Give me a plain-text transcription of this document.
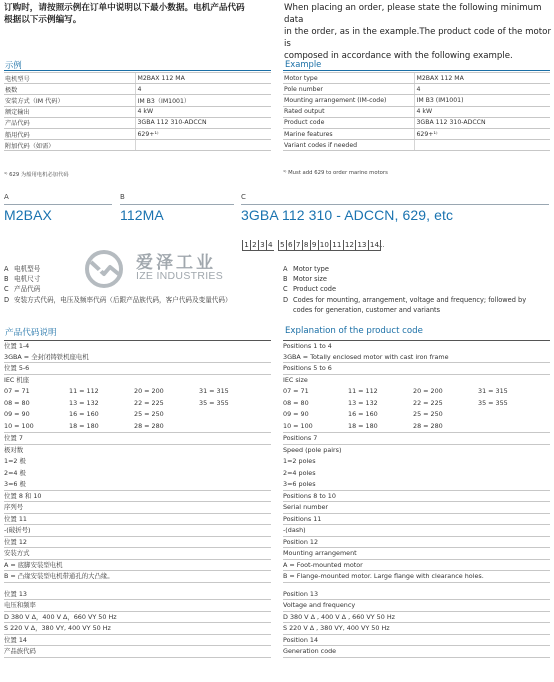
订购时，请按照示例在订单中说明以下最小数据。电机产品代码
根据以下示例编写。
When placing an order, please state the following minimum data
in the order, as in the example.The product code of the motor is
composed in accordance with the following example.
示例
电机型号	M2BAX 112 MA
极数	4
安装方式（IM 代码）	IM B3（IM1001）
额定输出	4 kW
产品代码	3GBA 112 310-ADCCN
船用代码	629+¹⁾
附加代码（如需）	
¹⁾ 629 为船用电机必加代码
Example
Motor type	M2BAX 112 MA
Pole number	4
Mounting arrangement (IM-code)	IM B3 (IM1001)
Rated output	4 kW
Product code	3GBA 112 310-ADCCN
Marine features	629+¹⁾
Variant codes if needed	
¹⁾ Must add 629 to order marine motors
A	B	C
M2BAX	112MA	3GBA 112 310 - ADCCN, 629, etc
1 2 3 4	5 6 7 8 9 10 11 12 13 14
...
爱泽工业
IZE INDUSTRIES
A 电机型号
B 电机尺寸
C 产品代码
D 安装方式代码，电压及频率代码（后跟产品族代码，客户代码及变量代码）
A Motor type
B Motor size
C Product code
D Codes for mounting, arrangement, voltage and frequency; followed by
codes for generation, customer and variants
产品代码说明
位置 1-4
3GBA = 全封闭铸铁机座电机
位置 5-6
IEC 机座
07 = 71	11 = 112	20 = 200	31 = 315
08 = 80	13 = 132	22 = 225	35 = 355
09 = 90	16 = 160	25 = 250
10 = 100	18 = 180	28 = 280
位置 7
极对数
1=2 极
2=4 极
3=6 极
位置 8 和 10
序列号
位置 11
-(破折号)
位置 12
安装方式
A = 底脚安装型电机
B = 凸缘安装型电机带通孔的大凸缘。
位置 13
电压和频率
D 380 V Δ，400 V Δ，660 VY 50 Hz
S 220 V Δ，380 VY, 400 VY 50 Hz
位置 14
产品族代码
Explanation of the product code
Positions 1 to 4
3GBA = Totally enclosed motor with cast iron frame
Positions 5 to 6
IEC size
07 = 71	11 = 112	20 = 200	31 = 315
08 = 80	13 = 132	22 = 225	35 = 355
09 = 90	16 = 160	25 = 250
10 = 100	18 = 180	28 = 280
Positions 7
Speed (pole pairs)
1=2 poles
2=4 poles
3=6 poles
Positions 8 to 10
Serial number
Positions 11
-(dash)
Position 12
Mounting arrangement
A = Foot-mounted motor
B = Flange-mounted motor. Large flange with clearance holes.
Position 13
Voltage and frequency
D 380 V Δ , 400 V Δ , 660 VY 50 Hz
S 220 V Δ , 380 VY, 400 VY 50 Hz
Position 14
Generation code
